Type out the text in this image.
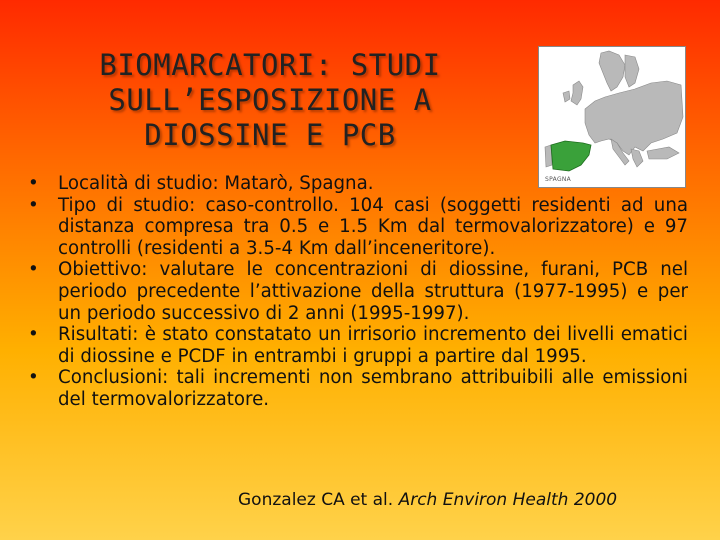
BIOMARCATORI: STUDI
SULL’ESPOSIZIONE A
DIOSSINE E PCB
SPAGNA
• Località di studio: Matarò, Spagna.
• Tipo di studio: caso-controllo. 104 casi (soggetti residenti ad una distanza compresa tra 0.5 e 1.5 Km dal termovalorizzatore) e 97 controlli (residenti a 3.5-4 Km dall’inceneritore).
• Obiettivo: valutare le concentrazioni di diossine, furani, PCB nel periodo precedente l’attivazione della struttura (1977-1995) e per un periodo successivo di 2 anni (1995-1997).
• Risultati: è stato constatato un irrisorio incremento dei livelli ematici di diossine e PCDF in entrambi i gruppi a partire dal 1995.
• Conclusioni: tali incrementi non sembrano attribuibili alle emissioni del termovalorizzatore.
Gonzalez CA et al. Arch Environ Health 2000
